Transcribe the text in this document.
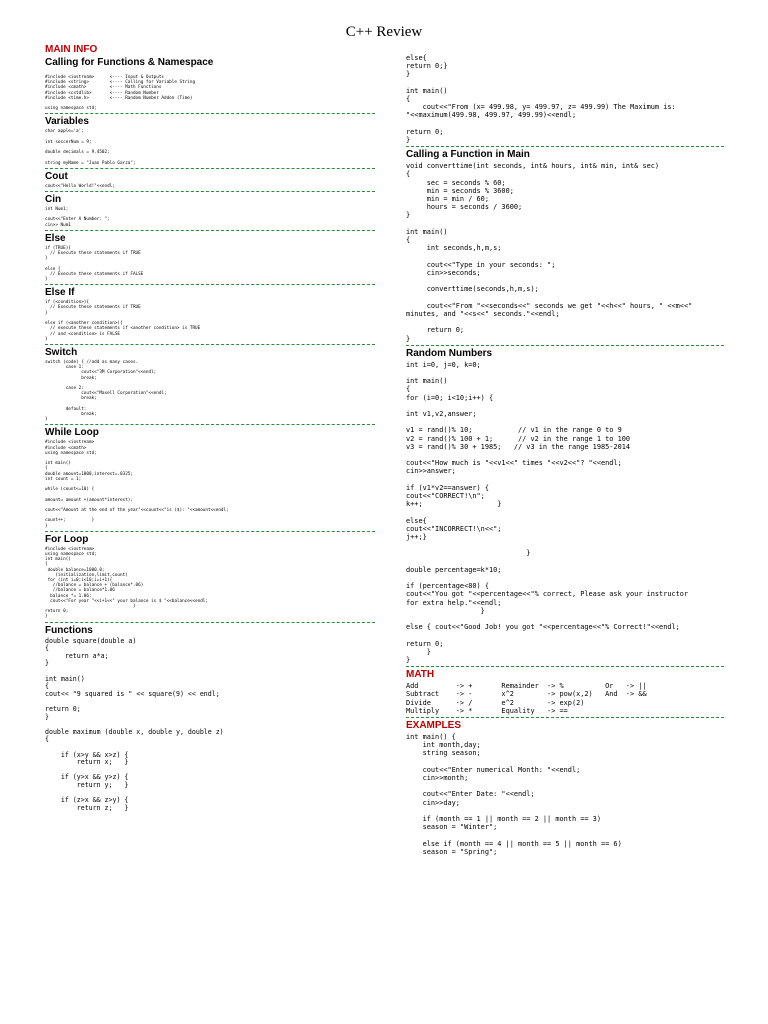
C++ Review
MAIN INFO
Calling for Functions & Namespace
#include <iostream>      <---- Input & Outputs
#include <string>        <---- Calling for Variable String
#include <cmath>         <---- Math Functions
#include <cstdlib>       <---- Random Number
#include <time.h>        <---- Random Number Addon (Time)

using namespace std;
Variables
char apple='a';

int soccerNum = 9;

double decimals = 9.4502;

string myName = "Juan Pablo Garza";
Cout
cout<<"Hello World!"<<endl;
Cin
int Num1;

cout<<"Enter A Number: ";
cin>> Num1
Else
if (TRUE){
// Execute these statements if TRUE
}

else {
// Execute these statements if FALSE
}
Else If
if (<condition>){
// Execute these statements if TRUE
}

else if (<another condition>){
// execute these statements if <another condition> is TRUE
// and <condition> is FALSE
}
Switch
switch (code) { //add as many cases.
case 1:
cout<<"3M Corporation"<<endl;
break;

case 2:
cout<<"Maxell Corporation"<<endl;
break;

default:
break;
}
While Loop
#include <iostream>
#include <cmath>
using namespace std;

int main()
{
double amount=1000,interest=.0325;
int count = 1;

while (count<=10) {

amount= amount +(amount*interest);

cout<<"Amount at the end of the year"<<count<<"is ($): "<<amount<<endl;

count++;          }
}
For Loop
#include <iostream>
using namespace std;
int main()
{
double balance=1000.0;
(initialization,limit,count)
for (int i=0;i<10;i=i+1){
//balance = balance + (balance*.06)
//balance = balance*1.06
balance *= 1.06;
cout<<"For year "<<i+1<<" your balance is $ "<<balance<<endl;
}
return 0;
}
Functions
double square(double a)
{
return a*a;
}

int main()
{
cout<< "9 squared is " << square(9) << endl;

return 0;
}

double maximum (double x, double y, double z)
{

if (x>y && x>z) {
return x;   }

if (y>x && y>z) {
return y;   }

if (z>x && z>y) {
return z;   }
else{
return 0;}
}

int main()
{
cout<<"From (x= 499.98, y= 499.97, z= 499.99) The Maximum is:
"<<maximum(499.98, 499.97, 499.99)<<endl;

return 0;
}
Calling a Function in Main
void converttime(int seconds, int& hours, int& min, int& sec)
{
sec = seconds % 60;
min = seconds % 3600;
min = min / 60;
hours = seconds / 3600;
}

int main()
{
int seconds,h,m,s;

cout<<"Type in your seconds: ";
cin>>seconds;

converttime(seconds,h,m,s);

cout<<"From "<<seconds<<" seconds we get "<<h<<" hours, " <<m<<"
minutes, and "<<s<<" seconds."<<endl;

return 0;
}
Random Numbers
int i=0, j=0, k=0;

int main()
{
for (i=0; i<10;i++) {

int v1,v2,answer;

v1 = rand()% 10;           // v1 in the range 0 to 9
v2 = rand()% 100 + 1;      // v2 in the range 1 to 100
v3 = rand()% 30 + 1985;   // v3 in the range 1985-2014

cout<<"How much is "<<v1<<" times "<<v2<<"? "<<endl;
cin>>answer;

if (v1*v2==answer) {
cout<<"CORRECT!\n";
k++;                  }

else{
cout<<"INCORRECT!\n<<";
j++;}

}

double percentage=k*10;

if (percentage<80) {
cout<<"You got "<<percentage<<"% correct, Please ask your instructor
for extra help."<<endl;
}

else { cout<<"Good Job! you got "<<percentage<<"% Correct!"<<endl;

return 0;
}
}
MATH
Add         -> +       Remainder  -> %          Or   -> ||
Subtract    -> -       x^2        -> pow(x,2)   And  -> &&
Divide      -> /       e^2        -> exp(2)
Multiply    -> *       Equality   -> ==
EXAMPLES
int main() {
int month,day;
string season;

cout<<"Enter numerical Month: "<<endl;
cin>>month;

cout<<"Enter Date: "<<endl;
cin>>day;

if (month == 1 || month == 2 || month == 3)
season = "Winter";

else if (month == 4 || month == 5 || month == 6)
season = "Spring";
